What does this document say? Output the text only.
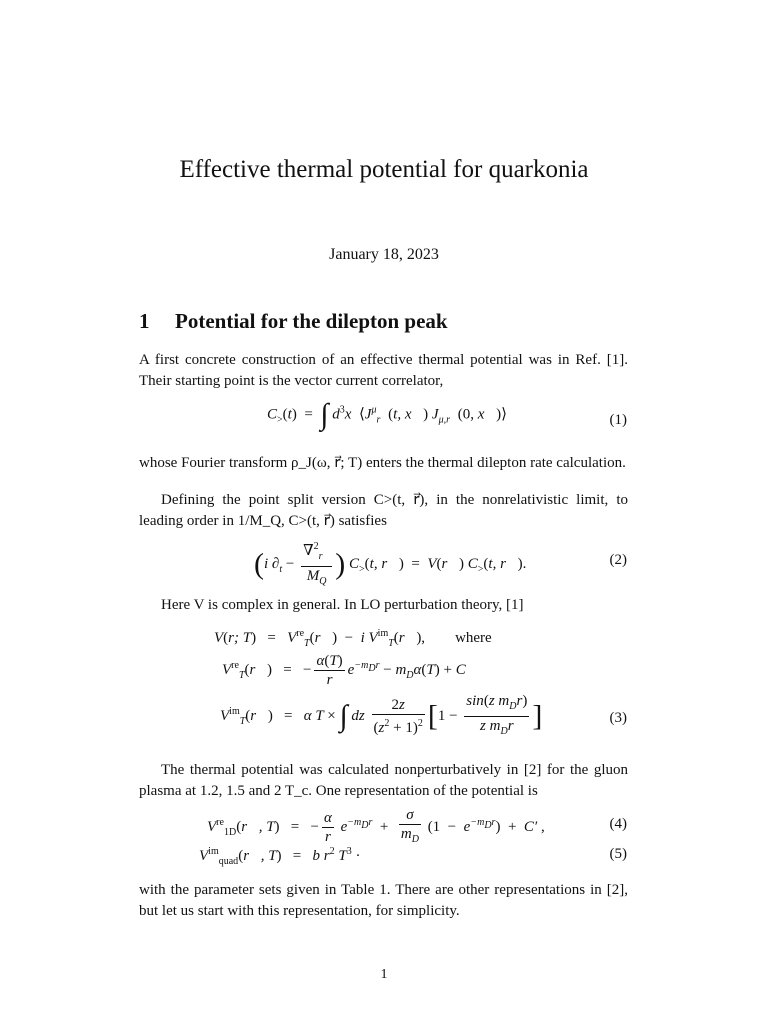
Effective thermal potential for quarkonia
January 18, 2023
1 Potential for the dilepton peak
A first concrete construction of an effective thermal potential was in Ref. [1]. Their starting point is the vector current correlator,
$C_>(t)$  =  ∫ $d^3x$  $⟨J^\mu_{r⃗}(t$, x⃗) $J_{\mu,r⃗}(0$, x⃗)⟩	(1)
whose Fourier transform ρ_J(ω, r⃗; T) enters the thermal dilepton rate calculation.
Defining the point split version C>(t, r⃗), in the nonrelativistic limit, to leading order in 1/M_Q, C>(t, r⃗) satisfies
(i $\partial_t - \frac{\nabla^2_{r⃗}}{M_Q}$ ) $C_>(t$, r⃗)  =  V(r⃗) $C_>(t$, r⃗).	(2)
Here V is complex in general. In LO perturbation theory, [1]
V(r; $T) = Vre_T(r⃗) - i$ $V^{im}_T(r⃗)$,        where
$Vre_T(r⃗)$   =   − $\frac{\alpha(T)}{r} e^{-m_Dr} - m_D\alpha(T) + C$
$V^{im}_T(r⃗) = \alpha$ T × ∫ dz $\frac{2z}{(z^2 + 1)^2} [1 - \frac{\sin(z m_Dr)}{z m_Dr}$ ]	(3)
The thermal potential was calculated nonperturbatively in [2] for the gluon plasma at 1.2, 1.5 and 2 T_c. One representation of the potential is
$Vre_{1D}(r⃗$, T)   =   − $\frac{\alpha}{r} e^{-m_Dr} + \frac{\sigma}{m_D} (1 - e^{-m_Dr}) + C'$ ,	(4)
$V^{im}_{quad}(r⃗$, T)   =   b $r^2$ $T^3$ ·	(5)
with the parameter sets given in Table 1. There are other representations in [2], but let us start with this representation, for simplicity.
1
